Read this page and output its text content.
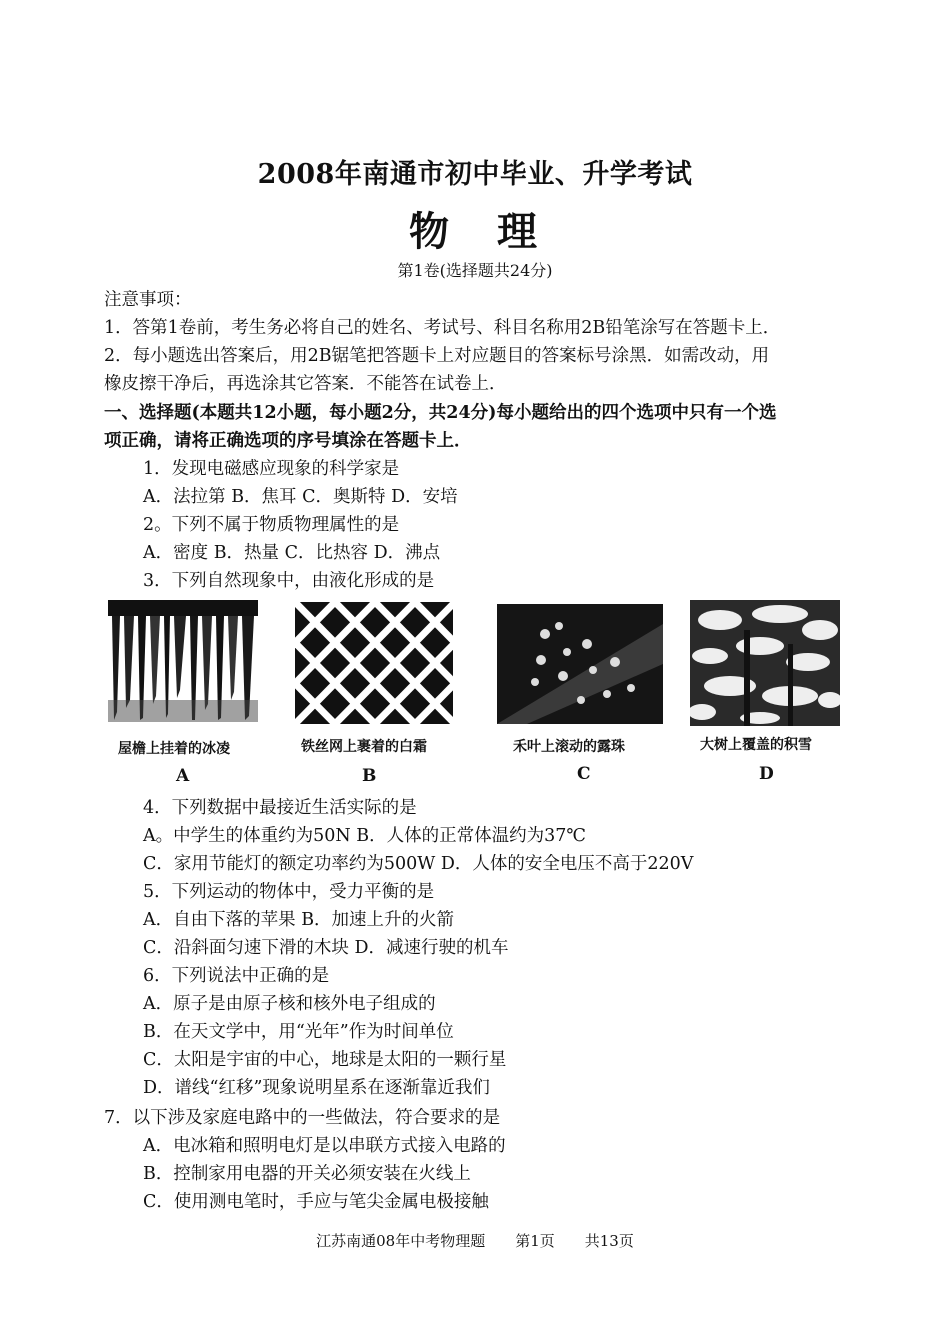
2008年南通市初中毕业、升学考试
物　理
第1卷(选择题共24分)
注意事项：
1．答第1卷前，考生务必将自己的姓名、考试号、科目名称用2B铅笔涂写在答题卡上．
2．每小题选出答案后，用2B锯笔把答题卡上对应题目的答案标号涂黑．如需改动，用
橡皮擦干净后，再选涂其它答案．不能答在试卷上．
一、选择题(本题共12小题，每小题2分，共24分)每小题给出的四个选项中只有一个选
项正确，请将正确选项的序号填涂在答题卡上．
1．发现电磁感应现象的科学家是
A．法拉第 B．焦耳 C．奥斯特 D．安培
2。下列不属于物质物理属性的是
A．密度 B．热量 C．比热容 D．沸点
3．下列自然现象中，由液化形成的是
屋檐上挂着的冰凌	铁丝网上裹着的白霜	禾叶上滚动的露珠	大树上覆盖的积雪
A	B	C	D
4．下列数据中最接近生活实际的是
A。中学生的体重约为50N B．人体的正常体温约为37℃
C．家用节能灯的额定功率约为500W D．人体的安全电压不高于220V
5．下列运动的物体中，受力平衡的是
A．自由下落的苹果 B．加速上升的火箭
C．沿斜面匀速下滑的木块 D．减速行驶的机车
6．下列说法中正确的是
A．原子是由原子核和核外电子组成的
B．在天文学中，用“光年”作为时间单位
C．太阳是宇宙的中心，地球是太阳的一颗行星
D．谱线“红移”现象说明星系在逐渐靠近我们
7．以下涉及家庭电路中的一些做法，符合要求的是
A．电冰箱和照明电灯是以串联方式接入电路的
B．控制家用电器的开关必须安装在火线上
C．使用测电笔时，手应与笔尖金属电极接触
江苏南通08年中考物理题　　第1页　　共13页
